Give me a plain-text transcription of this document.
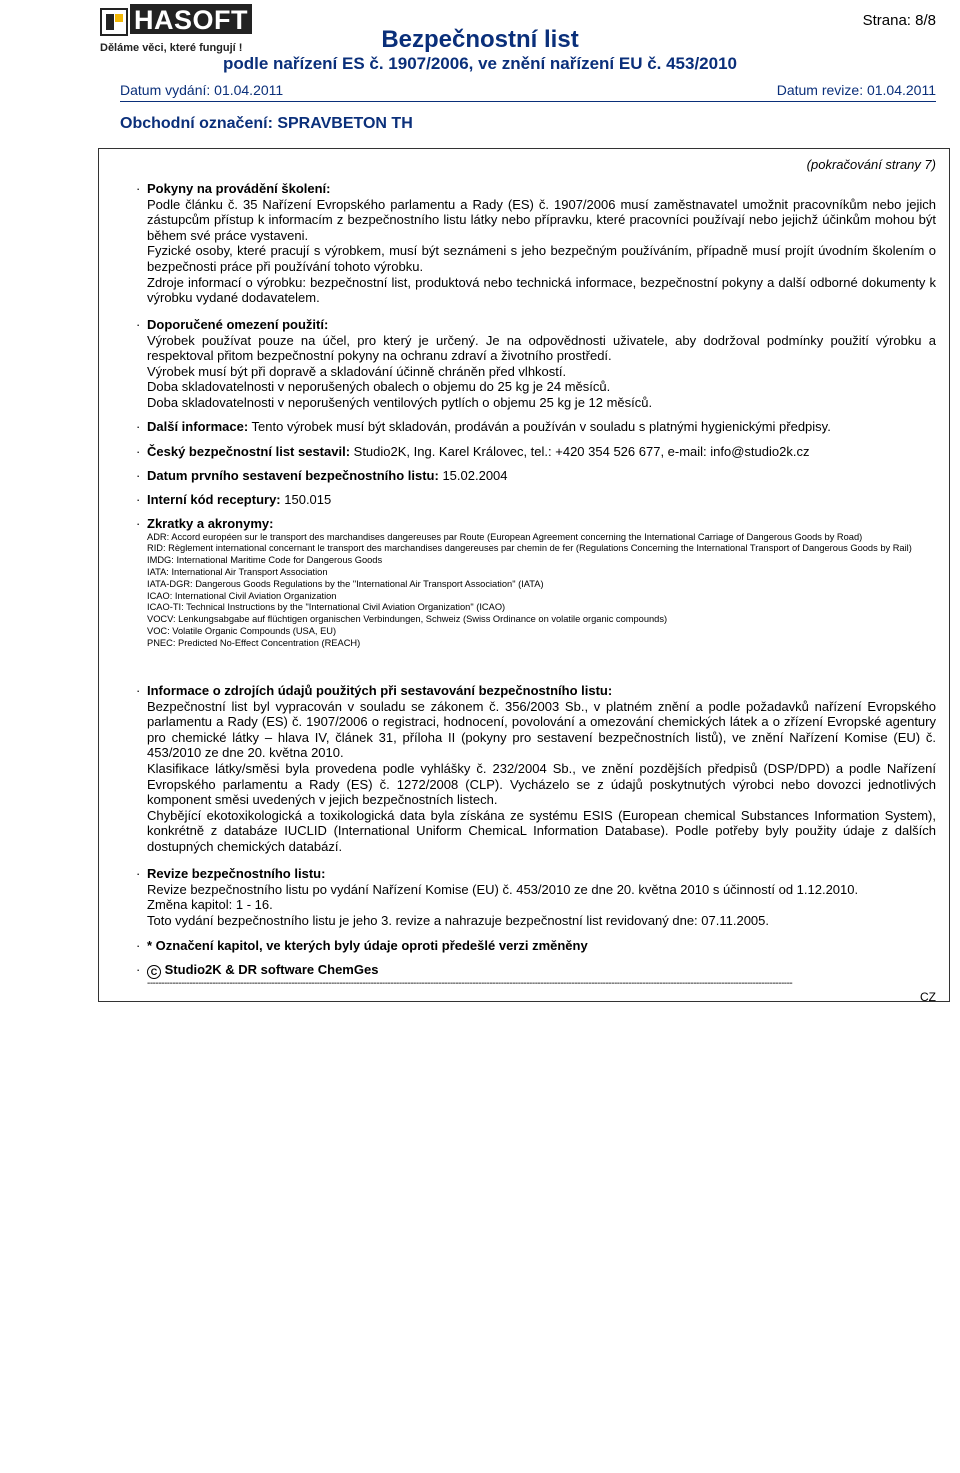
HASOFT
Děláme věci, které fungují !
Strana: 8/8
Bezpečnostní list
podle nařízení ES č. 1907/2006, ve znění nařízení EU č. 453/2010
Datum vydání: 01.04.2011	Datum revize: 01.04.2011
Obchodní označení: SPRAVBETON TH
(pokračování strany 7)
· Pokyny na provádění školení:

Podle článku č. 35 Nařízení Evropského parlamentu a Rady (ES) č. 1907/2006 musí zaměstnavatel umožnit pracovníkům nebo jejich zástupcům přístup k informacím z bezpečnostního listu látky nebo přípravku, které pracovníci používají nebo jejichž účinkům mohou být během své práce vystaveni.

Fyzické osoby, které pracují s výrobkem, musí být seznámeni s jeho bezpečným používáním, případně musí projít úvodním školením o bezpečnosti práce při používání tohoto výrobku.

Zdroje informací o výrobku: bezpečnostní list, produktová nebo technická informace, bezpečnostní pokyny a další odborné dokumenty k výrobku vydané dodavatelem.

· Doporučené omezení použití:

Výrobek používat pouze na účel, pro který je určený. Je na odpovědnosti uživatele, aby dodržoval podmínky použití výrobku a respektoval přitom bezpečnostní pokyny na ochranu zdraví a životního prostředí.

Výrobek musí být při dopravě a skladování účinně chráněn před vlhkostí.

Doba skladovatelnosti v neporušených obalech o objemu do 25 kg je 24 měsíců.

Doba skladovatelnosti v neporušených ventilových pytlích o objemu 25 kg je 12 měsíců.

· Další informace: Tento výrobek musí být skladován, prodáván a používán v souladu s platnými hygienickými předpisy.

· Český bezpečnostní list sestavil: Studio2K, Ing. Karel Královec, tel.: +420 354 526 677, e-mail: info@studio2k.cz

· Datum prvního sestavení bezpečnostního listu: 15.02.2004

· Interní kód receptury: 150.015

· Zkratky a akronymy:

ADR: Accord européen sur le transport des marchandises dangereuses par Route (European Agreement concerning the International Carriage of Dangerous Goods by Road)

RID: Règlement international concernant le transport des marchandises dangereuses par chemin de fer (Regulations Concerning the International Transport of Dangerous Goods by Rail)

IMDG: International Maritime Code for Dangerous Goods

IATA: International Air Transport Association

IATA-DGR: Dangerous Goods Regulations by the "International Air Transport Association" (IATA)

ICAO: International Civil Aviation Organization

ICAO-TI: Technical Instructions by the "International Civil Aviation Organization" (ICAO)

VOCV: Lenkungsabgabe auf flüchtigen organischen Verbindungen, Schweiz (Swiss Ordinance on volatile organic compounds)

VOC: Volatile Organic Compounds (USA, EU)

PNEC: Predicted No-Effect Concentration (REACH)

· Informace o zdrojích údajů použitých při sestavování bezpečnostního listu:

Bezpečnostní list byl vypracován v souladu se zákonem č. 356/2003 Sb., v platném znění a podle požadavků nařízení Evropského parlamentu a Rady (ES) č. 1907/2006 o registraci, hodnocení, povolování a omezování chemických látek a o zřízení Evropské agentury pro chemické látky – hlava IV, článek 31, příloha II (pokyny pro sestavení bezpečnostních listů), ve znění Nařízení Komise (EU) č. 453/2010 ze dne 20. května 2010.

Klasifikace látky/směsi byla provedena podle vyhlášky č. 232/2004 Sb., ve znění pozdějších předpisů (DSP/DPD) a podle Nařízení Evropského parlamentu a Rady (ES) č. 1272/2008 (CLP). Vycházelo se z údajů poskytnutých výrobci nebo dovozci jednotlivých komponent směsi uvedených v jejich bezpečnostních listech.

Chybějící ekotoxikologická a toxikologická data byla získána ze systému ESIS (European chemical Substances Information System), konkrétně z databáze IUCLID (International Uniform ChemicaL Information Database). Podle potřeby byly použity údaje z dalších dostupných chemických databází.

· Revize bezpečnostního listu:

Revize bezpečnostního listu po vydání Nařízení Komise (EU) č. 453/2010 ze dne 20. května 2010 s účinností od 1.12.2010.

Změna kapitol: 1 - 16.

Toto vydání bezpečnostního listu je jeho 3. revize a nahrazuje bezpečnostní list revidovaný dne: 07.11.2005.

· * Označení kapitol, ve kterých byly údaje oproti předešlé verzi změněny

·	C Studio2K & DR software ChemGes

------------------------------------------------------------------------------------------------------------------------------------------------------------------------------------------------------------------------------------
CZ
